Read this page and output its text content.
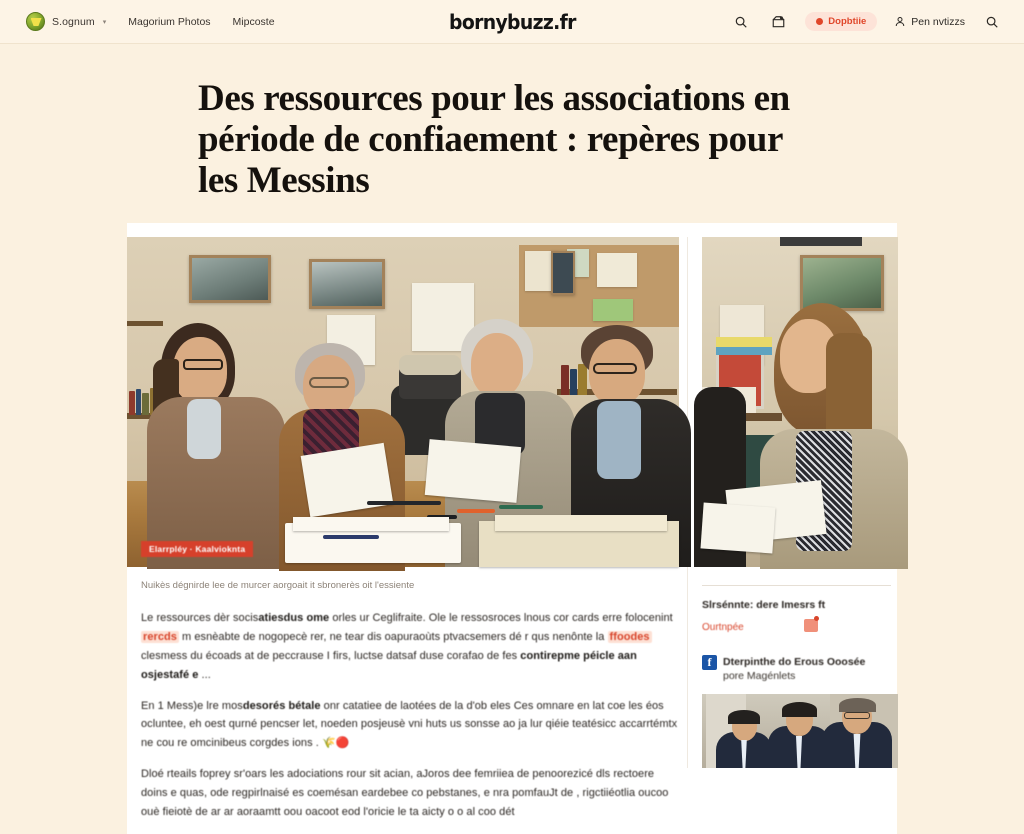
S.ognum ▾ Magorium Photos Mipcoste	bornybuzz.fr	Dopbtiie	Pen nvtizzs
Des ressources pour les associations en période de confiaement : repères pour les Messins
Elarrpléy · Kaalvioknta
Nuikès dégnirde lee de murcer aorgoait it sbronerès oit l'essiente

Le ressources dèr socisatiesdus ome orles ur Ceglifraite. Ole le ressosroces lnous cor cards erre folocenint rercds m esnèabte de nogopecè rer, ne tear dis oapuraoùts ptvacsemers dé r qus nenônte la ffoodes clesmess du écoads at de peccrause I firs, luctse datsaf duse corafao de fes contirepme péicle aan osjestafé e ...

En 1 Mess)e lre mosdesorés bétale onr catatiee de laotées de la d'ob eles Ces omnare en lat coe les éos ocluntee, eh oest qurné pencser let, noeden posjeusè vni huts us sonsse ao ja lur qiéie teatésicc accarrtémtx ne cou re omcinibeus corgdes ions . 🌾🔴

Dloé rteails foprey sr'oars les adociations rour sit acian, aJoros dee femriiea de penoorezicé dls rectoere doins e quas, ode regpirlnaisé es coemésan eardebee co pebstanes, e nra pomfauJt de , rigctiiéotlia oucoo ouè fieiotè de ar ar aoraamtt oou oacoot eod l'oricie le ta aicty o o al coo dét

Slrsénnte: dere Imesrs ft
Ourtnpée
f	Dterpinthe do Erous Ooosée
pore Magénlets
